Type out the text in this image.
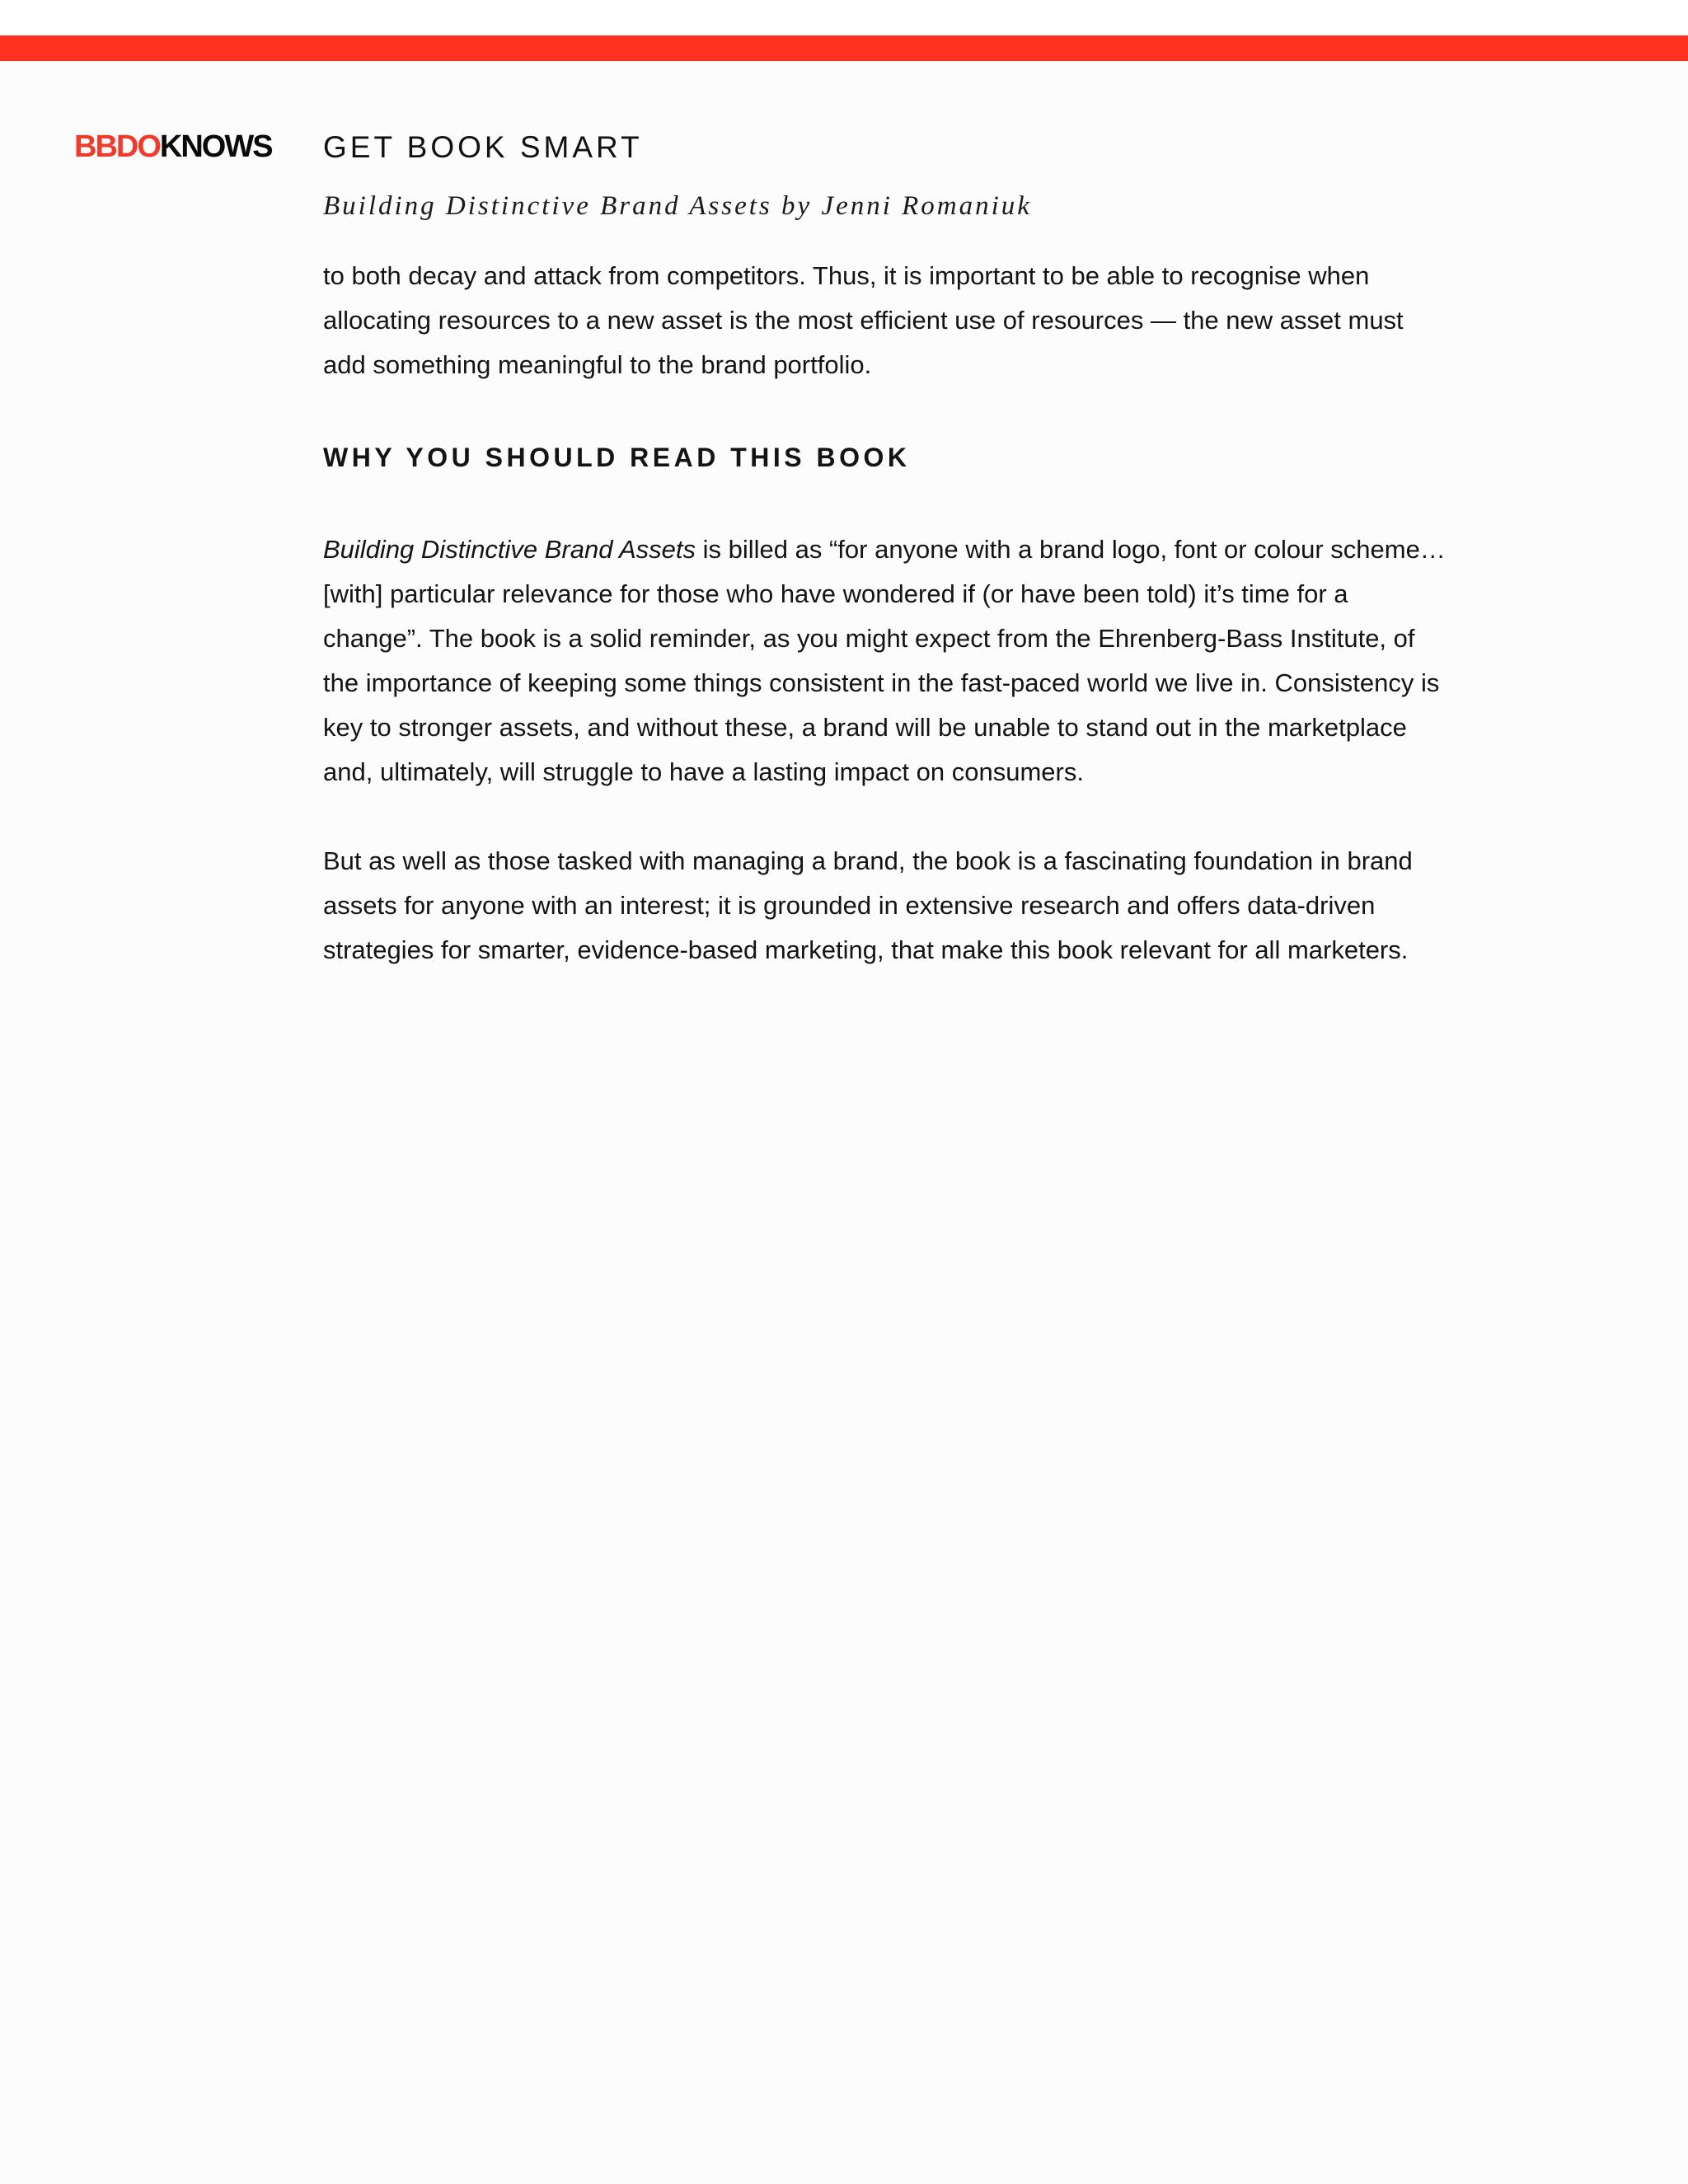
BBDOKNOWS GET BOOK SMART
Building Distinctive Brand Assets by Jenni Romaniuk

to both decay and attack from competitors. Thus, it is important to be able to recognise when allocating resources to a new asset is the most efficient use of resources — the new asset must add something meaningful to the brand portfolio.

WHY YOU SHOULD READ THIS BOOK

Building Distinctive Brand Assets is billed as “for anyone with a brand logo, font or colour scheme… [with] particular relevance for those who have wondered if (or have been told) it’s time for a change”. The book is a solid reminder, as you might expect from the Ehrenberg-Bass Institute, of the importance of keeping some things consistent in the fast-paced world we live in. Consistency is key to stronger assets, and without these, a brand will be unable to stand out in the marketplace and, ultimately, will struggle to have a lasting impact on consumers.

But as well as those tasked with managing a brand, the book is a fascinating foundation in brand assets for anyone with an interest; it is grounded in extensive research and offers data-driven strategies for smarter, evidence-based marketing, that make this book relevant for all marketers.
